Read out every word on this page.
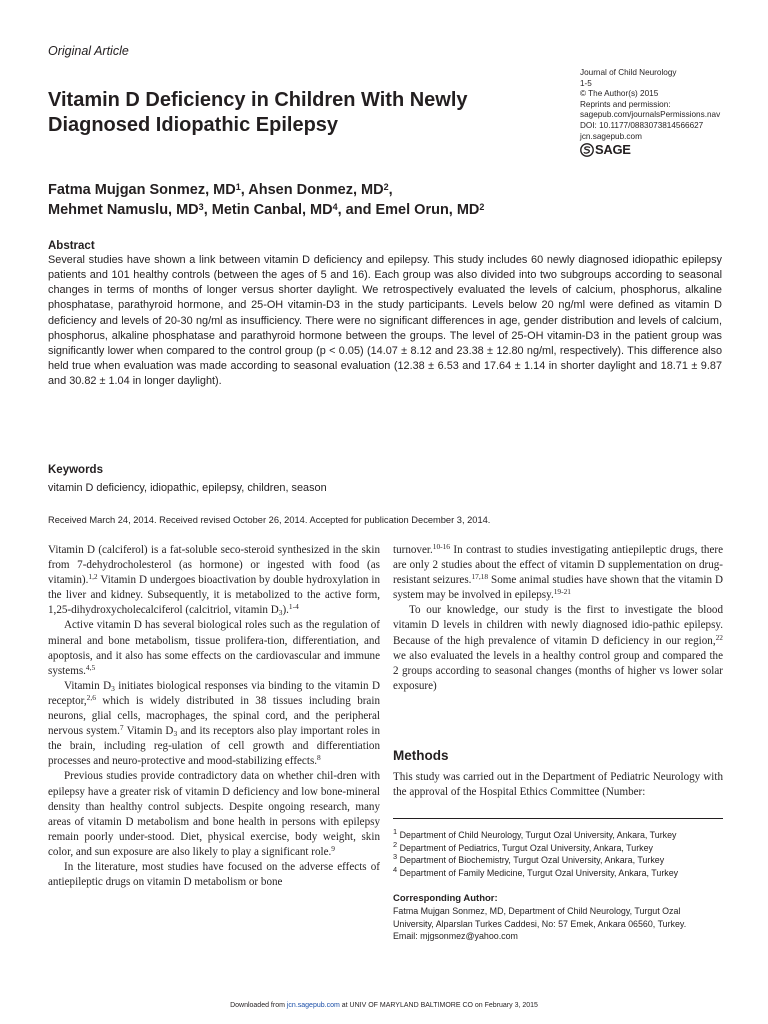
Original Article
Vitamin D Deficiency in Children With Newly Diagnosed Idiopathic Epilepsy
Journal of Child Neurology
1-5
© The Author(s) 2015
Reprints and permission:
sagepub.com/journalsPermissions.nav
DOI: 10.1177/0883073814566627
jcn.sagepub.com
SAGE
Fatma Mujgan Sonmez, $MD^1$, Ahsen Donmez, $MD^2$,
Mehmet Namuslu, $MD^3$, Metin Canbal, $MD^4$, and Emel Orun, $MD^2$
Abstract
Several studies have shown a link between vitamin D deficiency and epilepsy. This study includes 60 newly diagnosed idiopathic epilepsy patients and 101 healthy controls (between the ages of 5 and 16). Each group was also divided into two subgroups according to seasonal changes in terms of months of longer versus shorter daylight. We retrospectively evaluated the levels of calcium, phosphorus, alkaline phosphatase, parathyroid hormone, and 25-OH vitamin-D3 in the study participants. Levels below 20 ng/ml were defined as vitamin D deficiency and levels of 20-30 ng/ml as insufficiency. There were no significant differences in age, gender distribution and levels of calcium, phosphorus, alkaline phosphatase and parathyroid hormone between the groups. The level of 25-OH vitamin-D3 in the patient group was significantly lower when compared to the control group (p < 0.05) (14.07 ± 8.12 and 23.38 ± 12.80 ng/ml, respectively). This difference also held true when evaluation was made according to seasonal evaluation (12.38 ± 6.53 and 17.64 ± 1.14 in shorter daylight and 18.71 ± 9.87 and 30.82 ± 1.04 in longer daylight).
Keywords
vitamin D deficiency, idiopathic, epilepsy, children, season
Received March 24, 2014. Received revised October 26, 2014. Accepted for publication December 3, 2014.

Vitamin D (calciferol) is a fat-soluble seco-steroid synthesized in the skin from 7-dehydrocholesterol (as hormone) or ingested with food (as vitamin).$^{1,2}$ Vitamin D undergoes bioactivation by double hydroxylation in the liver and kidney. Subsequently, it is metabolized to the active form, 1,25-dihydroxycholecalciferol (calcitriol, vitamin $D_3).^{1-4}$

Active vitamin D has several biological roles such as the regulation of mineral and bone metabolism, tissue prolifera-tion, differentiation, and apoptosis, and it also has some effects on the cardiovascular and immune systems.$^{4,5}$

Vitamin $D_3$ initiates biological responses via binding to the vitamin D receptor,$^{2,6}$ which is widely distributed in 38 tissues including brain neurons, glial cells, macrophages, the spinal cord, and the peripheral nervous system.$^7$ Vitamin $D_3$ and its receptors also play important roles in the brain, including reg-ulation of cell growth and differentiation processes and neuro-protective and mood-stabilizing effects.$^8$

Previous studies provide contradictory data on whether chil-dren with epilepsy have a greater risk of vitamin D deficiency and low bone-mineral density than healthy control subjects. Despite ongoing research, many areas of vitamin D metabolism and bone health in persons with epilepsy remain poorly under-stood. Diet, physical exercise, body weight, skin color, and sun exposure are also likely to play a significant role.$^9$

In the literature, most studies have focused on the adverse effects of antiepileptic drugs on vitamin D metabolism or bone

turnover.$^{10-16}$ In contrast to studies investigating antiepileptic drugs, there are only 2 studies about the effect of vitamin D supplementation on drug-resistant seizures.$^{17,18}$ Some animal studies have shown that the vitamin D system may be involved in epilepsy.$^{19-21}$

To our knowledge, our study is the first to investigate the blood vitamin D levels in children with newly diagnosed idio-pathic epilepsy. Because of the high prevalence of vitamin D deficiency in our region,$^{22}$ we also evaluated the levels in a healthy control group and compared the 2 groups according to seasonal changes (months of higher vs lower solar exposure)

Methods

This study was carried out in the Department of Pediatric Neurology with the approval of the Hospital Ethics Committee (Number:

$^1$ Department of Child Neurology, Turgut Ozal University, Ankara, Turkey
$^2$ Department of Pediatrics, Turgut Ozal University, Ankara, Turkey
$^3$ Department of Biochemistry, Turgut Ozal University, Ankara, Turkey
$^4$ Department of Family Medicine, Turgut Ozal University, Ankara, Turkey
Corresponding Author:
Fatma Mujgan Sonmez, MD, Department of Child Neurology, Turgut Ozal
University, Alparslan Turkes Caddesi, No: 57 Emek, Ankara 06560, Turkey.
Email: mjgsonmez@yahoo.com
Downloaded from jcn.sagepub.com at UNIV OF MARYLAND BALTIMORE CO on February 3, 2015
